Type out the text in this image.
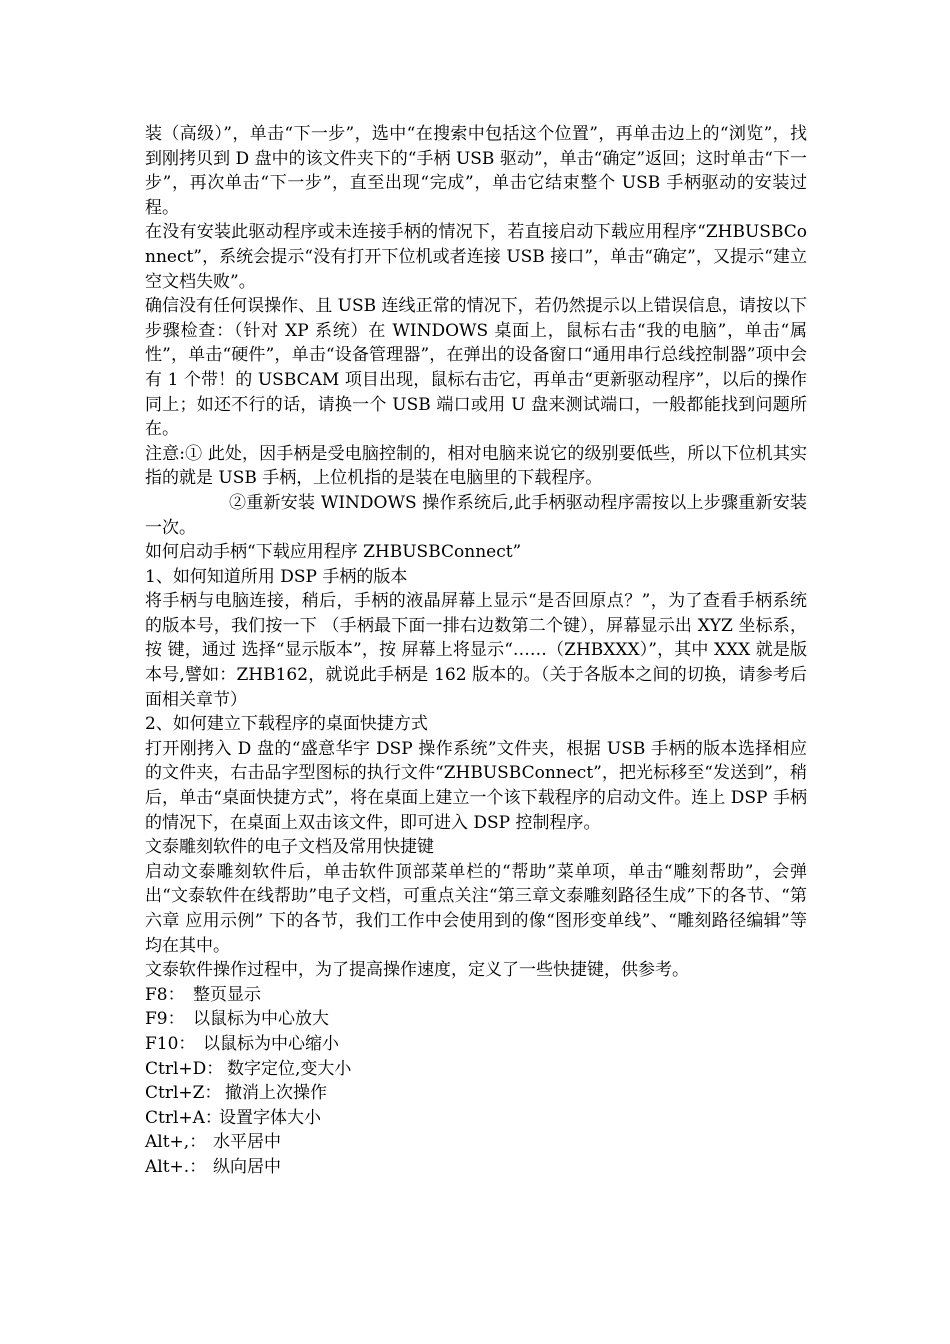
装（高级）”，单击“下一步”，选中“在搜索中包括这个位置”，再单击边上的“浏览”，找到刚拷贝到 D 盘中的该文件夹下的“手柄 USB 驱动”，单击“确定”返回；这时单击“下一步”，再次单击“下一步”，直至出现“完成”，单击它结束整个 USB 手柄驱动的安装过程。

在没有安装此驱动程序或未连接手柄的情况下，若直接启动下载应用程序“ZHBUSBConnect”，系统会提示“没有打开下位机或者连接 USB 接口”，单击“确定”，又提示“建立空文档失败”。

确信没有任何误操作、且 USB 连线正常的情况下，若仍然提示以上错误信息，请按以下步骤检查：（针对 XP 系统）在 WINDOWS 桌面上，鼠标右击“我的电脑”，单击“属性”，单击“硬件”，单击“设备管理器”，在弹出的设备窗口“通用串行总线控制器”项中会有 1 个带！的 USBCAM 项目出现，鼠标右击它，再单击“更新驱动程序”，以后的操作同上；如还不行的话，请换一个 USB 端口或用 U 盘来测试端口，一般都能找到问题所在。

注意:① 此处，因手柄是受电脑控制的，相对电脑来说它的级别要低些，所以下位机其实指的就是 USB 手柄，上位机指的是装在电脑里的下载程序。

②重新安装 WINDOWS 操作系统后,此手柄驱动程序需按以上步骤重新安装一次。

如何启动手柄“下载应用程序 ZHBUSBConnect”

1、如何知道所用 DSP 手柄的版本

将手柄与电脑连接，稍后，手柄的液晶屏幕上显示“是否回原点？”，为了查看手柄系统的版本号，我们按一下 （手柄最下面一排右边数第二个键），屏幕显示出 XYZ 坐标系，按 键，通过 选择“显示版本”，按 屏幕上将显示“……（ZHBXXX）”，其中 XXX 就是版本号,譬如：ZHB162，就说此手柄是 162 版本的。（关于各版本之间的切换，请参考后面相关章节）

2、如何建立下载程序的桌面快捷方式

打开刚拷入 D 盘的“盛意华宇 DSP 操作系统”文件夹，根据 USB 手柄的版本选择相应的文件夹，右击品字型图标的执行文件“ZHBUSBConnect”，把光标移至“发送到”，稍后，单击“桌面快捷方式”，将在桌面上建立一个该下载程序的启动文件。连上 DSP 手柄的情况下，在桌面上双击该文件，即可进入 DSP 控制程序。

文泰雕刻软件的电子文档及常用快捷键

启动文泰雕刻软件后，单击软件顶部菜单栏的“帮助”菜单项，单击“雕刻帮助”，会弹出“文泰软件在线帮助”电子文档，可重点关注“第三章文泰雕刻路径生成”下的各节、“第六章 应用示例” 下的各节，我们工作中会使用到的像“图形变单线”、“雕刻路径编辑”等均在其中。

文泰软件操作过程中，为了提高操作速度，定义了一些快捷键，供参考。

F8： 整页显示

F9： 以鼠标为中心放大

F10： 以鼠标为中心缩小

Ctrl+D： 数字定位,变大小

Ctrl+Z： 撤消上次操作

Ctrl+A：设置字体大小

Alt+,： 水平居中

Alt+.： 纵向居中
